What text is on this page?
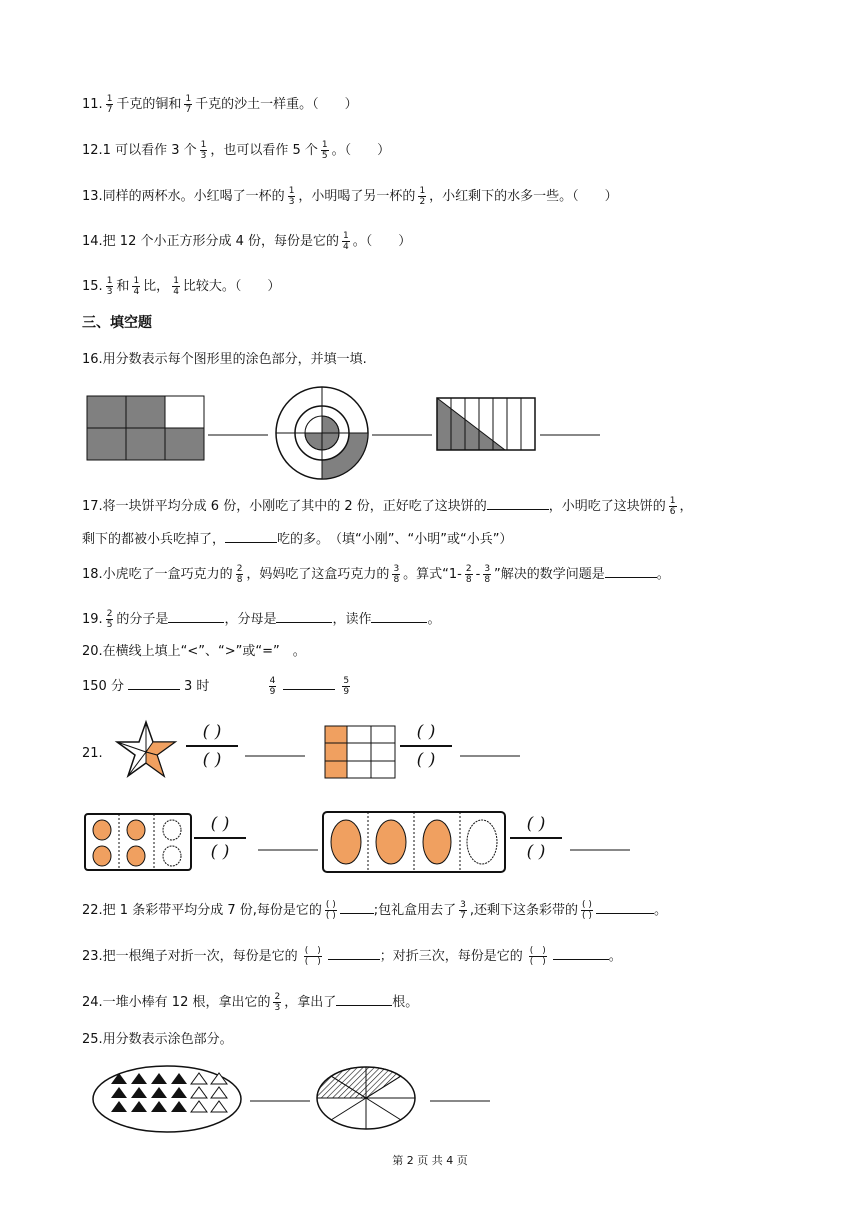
11. $\frac{1}{7}$ 千克的铜和 $\frac{1}{7}$ 千克的沙土一样重。（　　）
12.1 可以看作 3 个 $\frac{1}{3}$ ，也可以看作 5 个 $\frac{1}{5}$ 。（　　）
13.同样的两杯水。小红喝了一杯的 $\frac{1}{3}$ ，小明喝了另一杯的 $\frac{1}{2}$ ，小红剩下的水多一些。（　　）
14.把 12 个小正方形分成 4 份，每份是它的 $\frac{1}{4}$ 。（　　）
15. $\frac{1}{3}$ 和 $\frac{1}{4}$ 比， $\frac{1}{4}$ 比较大。（　　）
三、填空题
16.用分数表示每个图形里的涂色部分，并填一填.
17.将一块饼平均分成 6 份，小刚吃了其中的 2 份，正好吃了这块饼的	，小明吃了这块饼的 $\frac{1}{6}$ ，
剩下的都被小兵吃掉了，	吃的多。　（填“小刚”、“小明”或“小兵”）
18.小虎吃了一盒巧克力的 $\frac{2}{8}$ ，妈妈吃了这盒巧克力的 $\frac{3}{8}$ 。算式“$1- \frac{2}{8} - \frac{3}{8}$ ”解决的数学问题是	。
19. $\frac{2}{5}$ 的分子是	，分母是	，读作	。
20.在横线上填上“<”、“>”或“=”　。
150 分	3 时	$\frac{4}{9}$	$\frac{5}{9}$
21.
( )
( )
( )
( )
( )
( )
( )
( )
22.把 1 条彩带平均分成 7 份,每份是它的 $\frac{( )}{( )}$	;包礼盒用去了 $\frac{3}{7}$ ,还剩下这条彩带的 $\frac{( )}{( )}$	。
23.把一根绳子对折一次，每份是它的 $\frac{( )}{( )}$	；对折三次，每份是它的 $\frac{( )}{( )}$	。
24.一堆小棒有 12 根，拿出它的 $\frac{2}{3}$ ，拿出了	根。
25.用分数表示涂色部分。
第 2 页 共 4 页
